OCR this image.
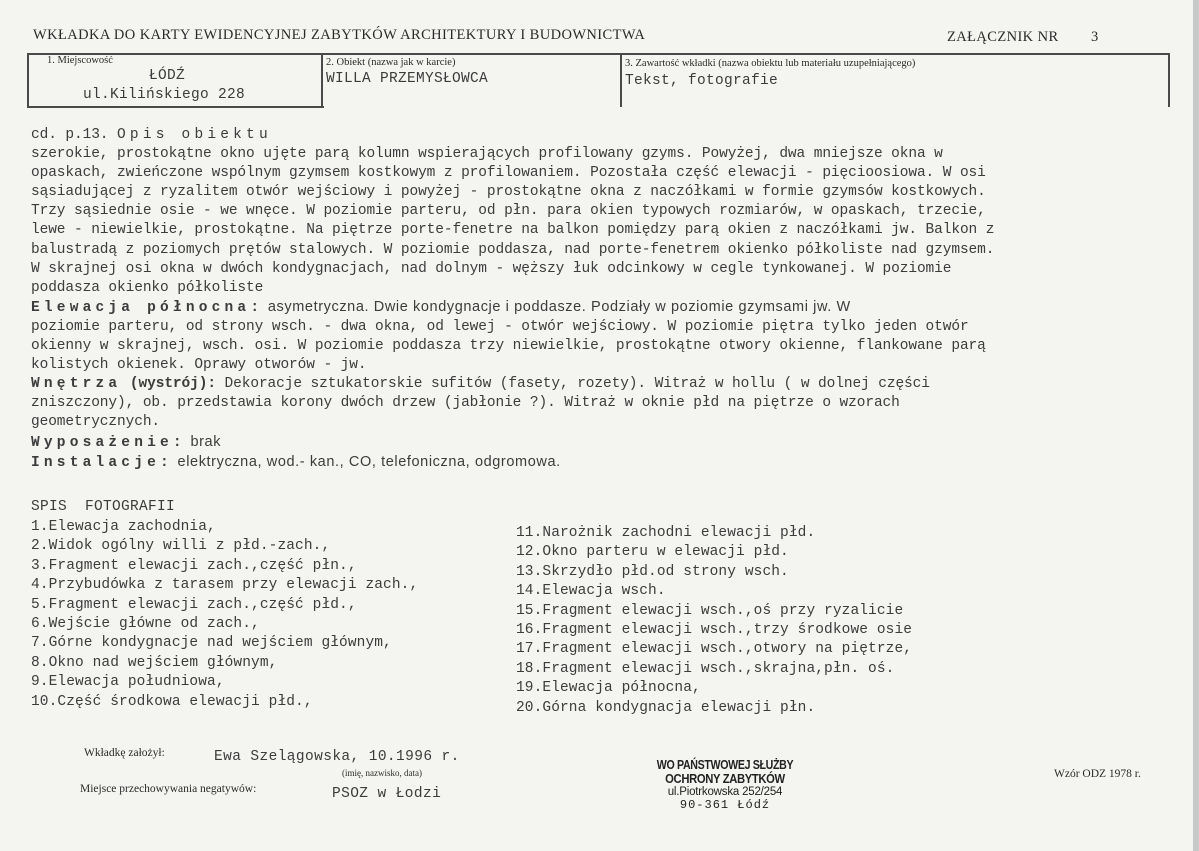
WKŁADKA DO KARTY EWIDENCYJNEJ ZABYTKÓW ARCHITEKTURY I BUDOWNICTWA	ZAŁĄCZNIK NR 3
1. Miejscowość
ŁÓDŹ
ul.Kilińskiego 228
2. Obiekt (nazwa jak w karcie)
WILLA PRZEMYSŁOWCA
3. Zawartość wkładki (nazwa obiektu lub materiału uzupełniającego)
Tekst, fotografie

cd. p.13. Opis obiektu

szerokie, prostokątne okno ujęte parą kolumn wspierających profilowany gzyms. Powyżej, dwa mniejsze okna w

opaskach, zwieńczone wspólnym gzymsem kostkowym z profilowaniem. Pozostała część elewacji - pięcioosiowa. W osi

sąsiadującej z ryzalitem otwór wejściowy i powyżej - prostokątne okna z naczółkami w formie gzymsów kostkowych.

Trzy sąsiednie osie - we wnęce. W poziomie parteru, od płn. para okien typowych rozmiarów, w opaskach, trzecie,

lewe - niewielkie, prostokątne. Na piętrze porte-fenetre na balkon pomiędzy parą okien z naczółkami jw. Balkon z

balustradą z poziomych prętów stalowych. W poziomie poddasza, nad porte-fenetrem okienko półkoliste nad gzymsem.

W skrajnej osi okna w dwóch kondygnacjach, nad dolnym - węższy łuk odcinkowy w cegle tynkowanej. W poziomie

poddasza okienko półkoliste

Elewacja północna: asymetryczna. Dwie kondygnacje i poddasze. Podziały w poziomie gzymsami jw. W

poziomie parteru, od strony wsch. - dwa okna, od lewej - otwór wejściowy. W poziomie piętra tylko jeden otwór

okienny w skrajnej, wsch. osi. W poziomie poddasza trzy niewielkie, prostokątne otwory okienne, flankowane parą

kolistych okienek. Oprawy otworów - jw.

Wnętrza (wystrój): Dekoracje sztukatorskie sufitów (fasety, rozety). Witraż w hollu ( w dolnej części

zniszczony), ob. przedstawia korony dwóch drzew (jabłonie ?). Witraż w oknie płd na piętrze o wzorach

geometrycznych.

Wyposażenie: brak

Instalacje: elektryczna, wod.- kan., CO, telefoniczna, odgromowa.

SPIS  FOTOGRAFII
1.Elewacja zachodnia,
2.Widok ogólny willi z płd.-zach.,
3.Fragment elewacji zach.,część płn.,
4.Przybudówka z tarasem przy elewacji zach.,
5.Fragment elewacji zach.,część płd.,
6.Wejście główne od zach.,
7.Górne kondygnacje nad wejściem głównym,
8.Okno nad wejściem głównym,
9.Elewacja południowa,
10.Część środkowa elewacji płd.,
11.Narożnik zachodni elewacji płd.
12.Okno parteru w elewacji płd.
13.Skrzydło płd.od strony wsch.
14.Elewacja wsch.
15.Fragment elewacji wsch.,oś przy ryzalicie
16.Fragment elewacji wsch.,trzy środkowe osie
17.Fragment elewacji wsch.,otwory na piętrze,
18.Fragment elewacji wsch.,skrajna,płn. oś.
19.Elewacja północna,
20.Górna kondygnacja elewacji płn.
Wkładkę założył:	Ewa Szelągowska, 10.1996 r.
(imię, nazwisko, data)
Miejsce przechowywania negatywów:	PSOZ w Łodzi
WO PAŃSTWOWEJ SŁUŻBY
OCHRONY ZABYTKÓW
ul.Piotrkowska 252/254
90-361 Łódź
Wzór ODZ 1978 r.
